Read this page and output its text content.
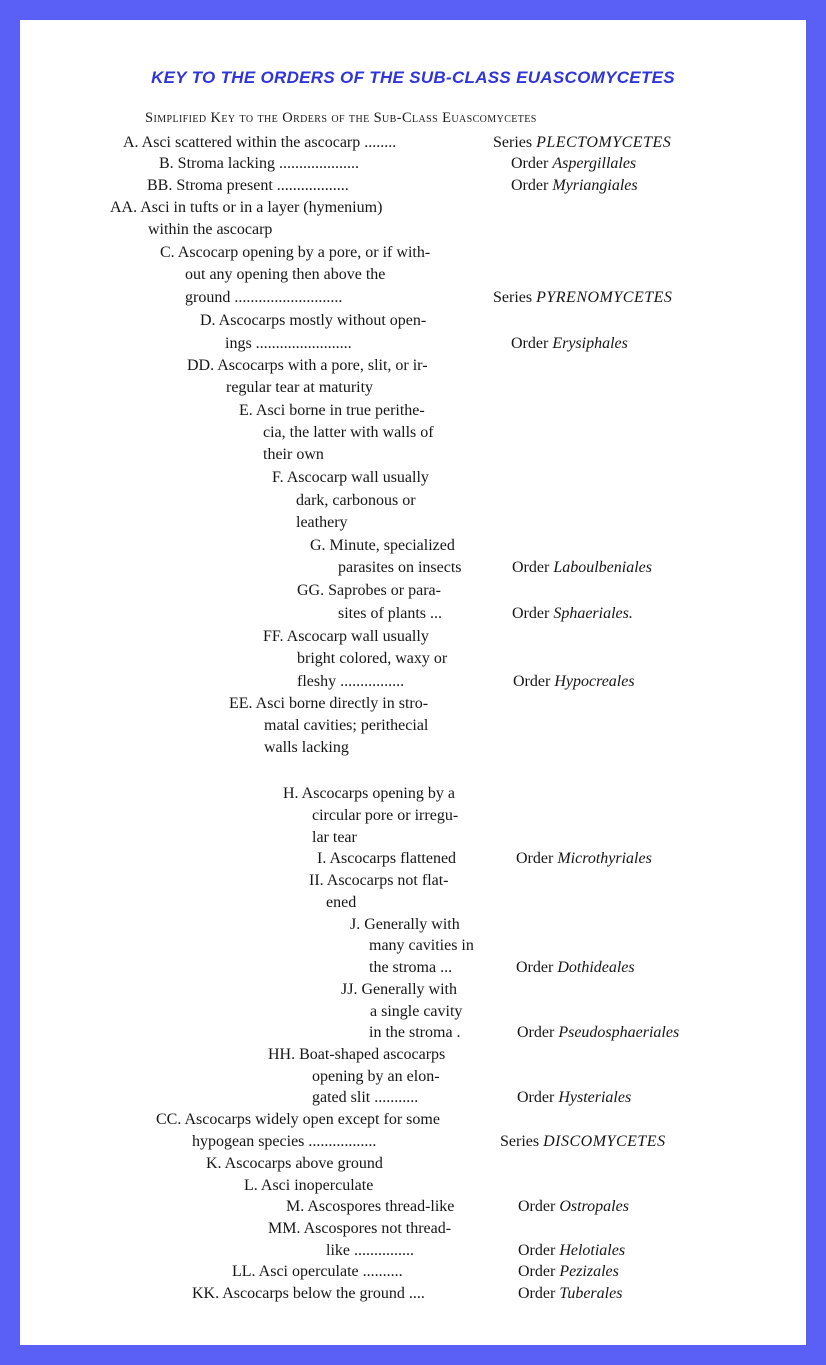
KEY TO THE ORDERS OF THE SUB-CLASS EUASCOMYCETES
Simplified Key to the Orders of the Sub-Class Euascomycetes
A. Asci scattered within the ascocarp ........
B. Stroma lacking ....................
BB. Stroma present ..................
AA. Asci in tufts or in a layer (hymenium)
within the ascocarp
C. Ascocarp opening by a pore, or if with-
out any opening then above the
ground ...........................
D. Ascocarps mostly without open-
ings ........................
DD. Ascocarps with a pore, slit, or ir-
regular tear at maturity
E. Asci borne in true perithe-
cia, the latter with walls of
their own
F. Ascocarp wall usually
dark, carbonous or
leathery
G. Minute, specialized
parasites on insects
GG. Saprobes or para-
sites of plants ...
FF. Ascocarp wall usually
bright colored, waxy or
fleshy ................
EE. Asci borne directly in stro-
matal cavities; perithecial
walls lacking
H. Ascocarps opening by a
circular pore or irregu-
lar tear
I. Ascocarps flattened
II. Ascocarps not flat-
ened
J. Generally with
many cavities in
the stroma ...
JJ. Generally with
a single cavity
in the stroma .
HH. Boat-shaped ascocarps
opening by an elon-
gated slit ...........
CC. Ascocarps widely open except for some
hypogean species .................
K. Ascocarps above ground
L. Asci inoperculate
M. Ascospores thread-like
MM. Ascospores not thread-
like ...............
LL. Asci operculate ..........
KK. Ascocarps below the ground ....
Series PLECTOMYCETES
Order Aspergillales
Order Myriangiales
Series PYRENOMYCETES
Order Erysiphales
Order Laboulbeniales
Order Sphaeriales.
Order Hypocreales
Order Microthyriales
Order Dothideales
Order Pseudosphaeriales
Order Hysteriales
Series DISCOMYCETES
Order Ostropales
Order Helotiales
Order Pezizales
Order Tuberales
